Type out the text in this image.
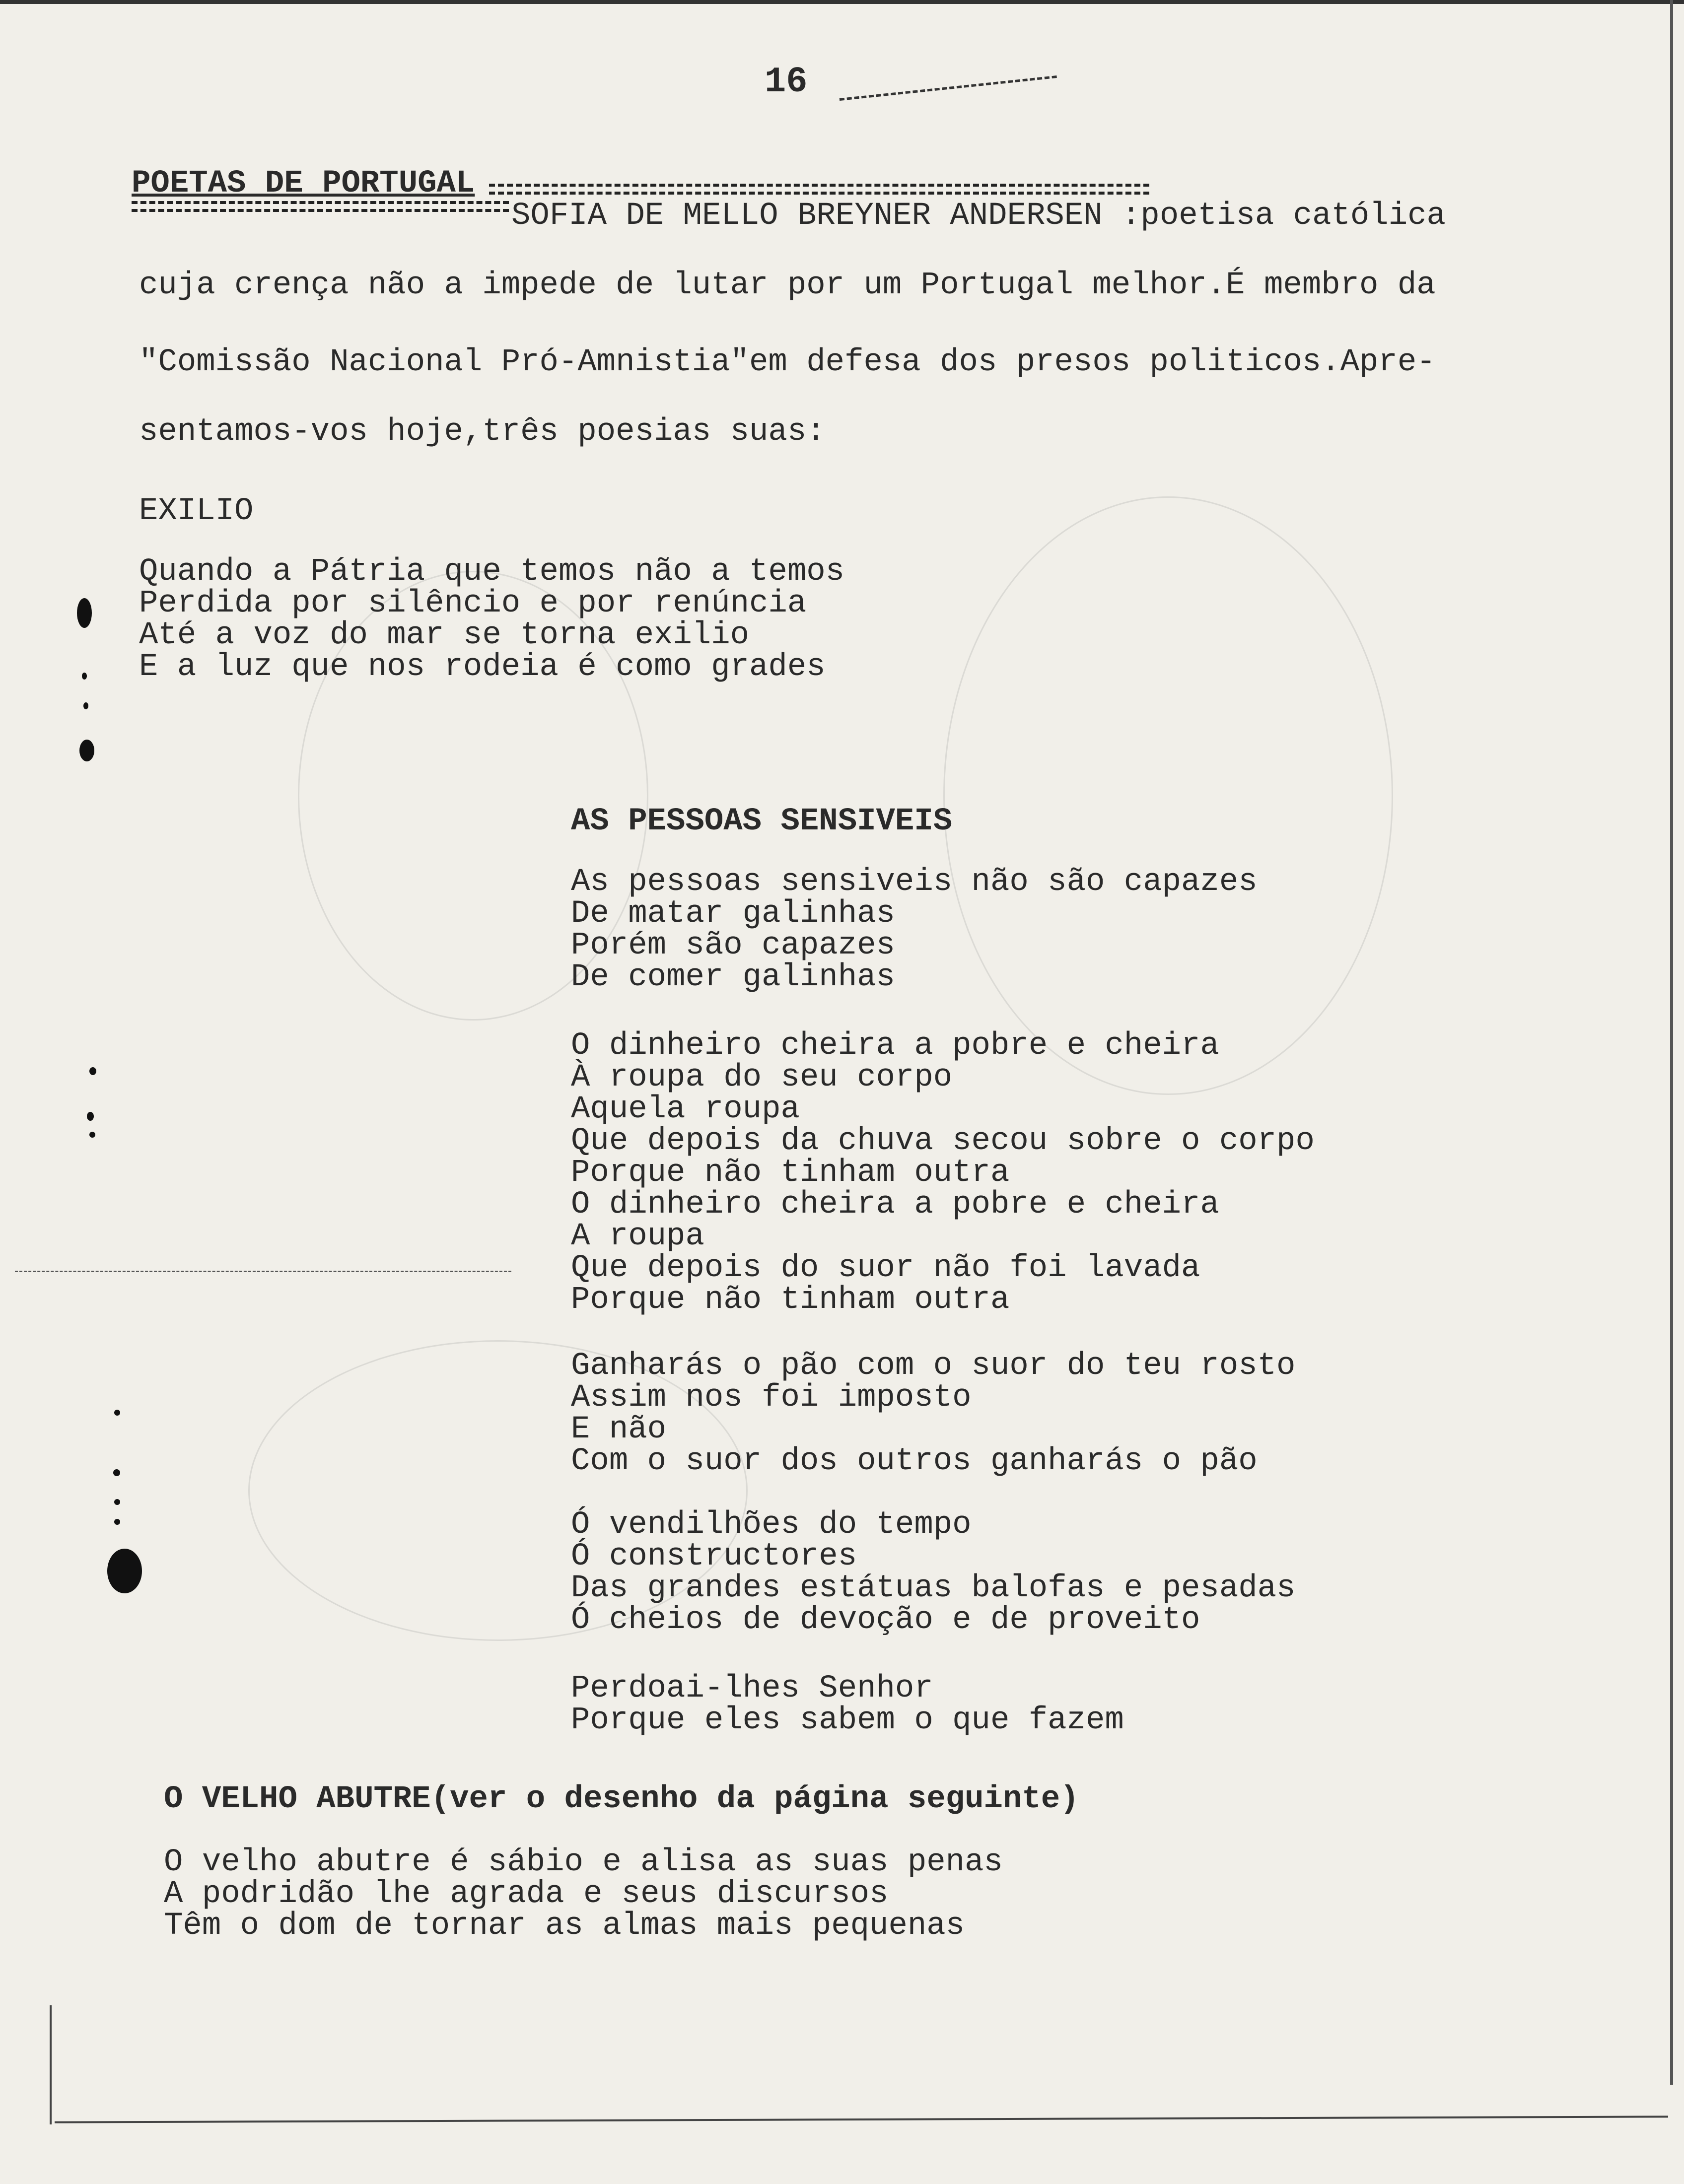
16
POETAS DE PORTUGAL
SOFIA DE MELLO BREYNER ANDERSEN :poetisa católica
cuja crença não a impede de lutar por um Portugal melhor.É membro da
"Comissão Nacional Pró-Amnistia"em defesa dos presos politicos.Apre-
sentamos-vos hoje,três poesias suas:
EXILIO
Quando a Pátria que temos não a temos
Perdida por silêncio e por renúncia
Até a voz do mar se torna exilio
E a luz que nos rodeia é como grades
AS PESSOAS SENSIVEIS
As pessoas sensiveis não são capazes
De matar galinhas
Porém são capazes
De comer galinhas
O dinheiro cheira a pobre e cheira
À roupa do seu corpo
Aquela roupa
Que depois da chuva secou sobre o corpo
Porque não tinham outra
O dinheiro cheira a pobre e cheira
A roupa
Que depois do suor não foi lavada
Porque não tinham outra
Ganharás o pão com o suor do teu rosto
Assim nos foi imposto
E não
Com o suor dos outros ganharás o pão
Ó vendilhões do tempo
Ó constructores
Das grandes estátuas balofas e pesadas
Ó cheios de devoção e de proveito
Perdoai-lhes Senhor
Porque eles sabem o que fazem
O VELHO ABUTRE(ver o desenho da página seguinte)
O velho abutre é sábio e alisa as suas penas
A podridão lhe agrada e seus discursos
Têm o dom de tornar as almas mais pequenas
